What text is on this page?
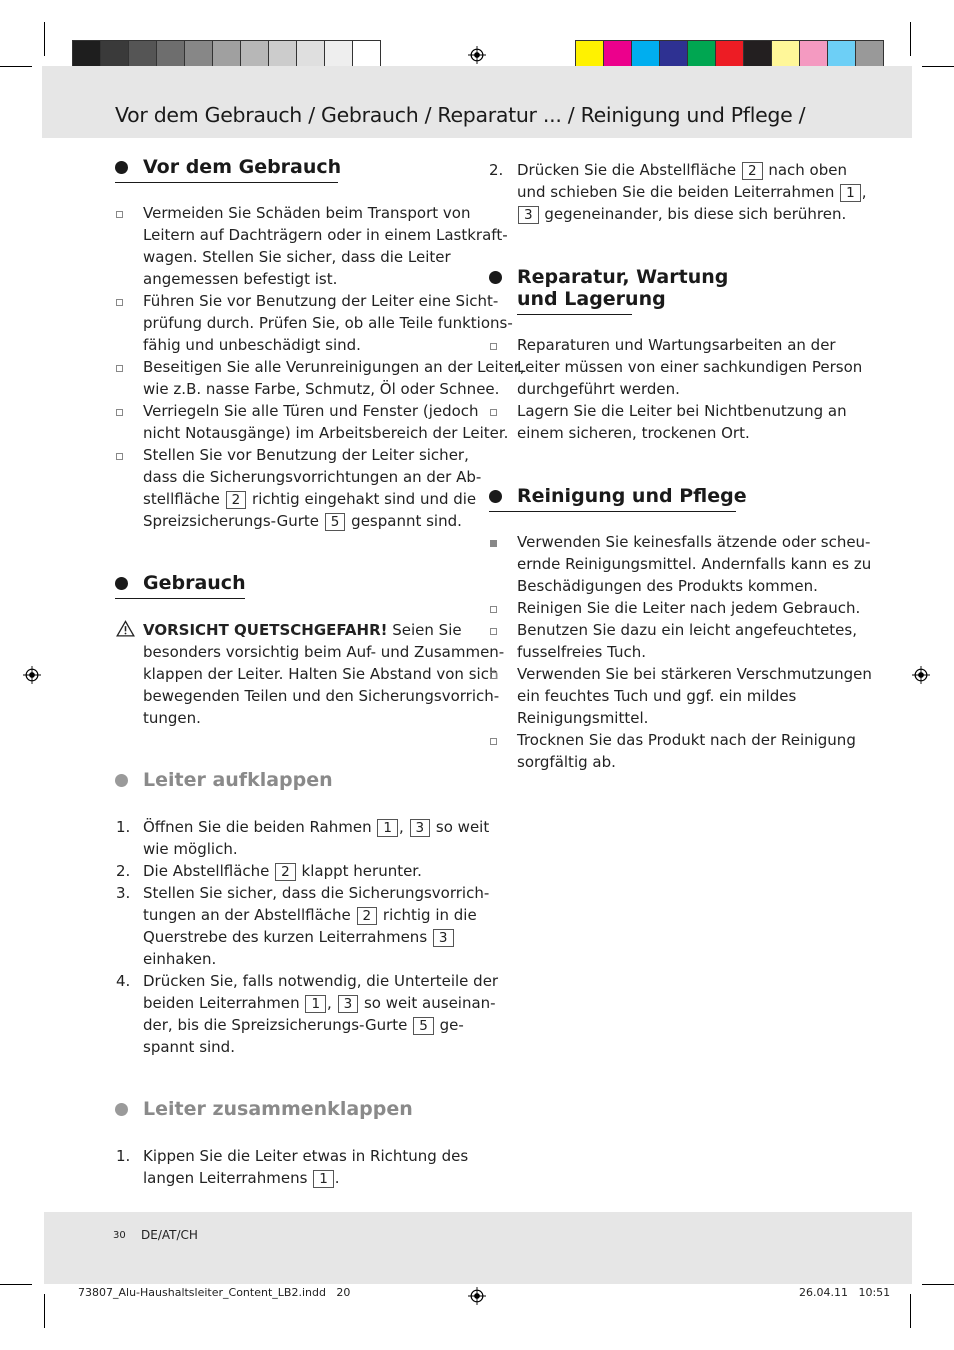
Vor dem Gebrauch / Gebrauch / Reparatur ... / Reinigung und Pflege /
Vor dem Gebrauch
Vermeiden Sie Schäden beim Transport von
Leitern auf Dachträgern oder in einem Lastkraft-
wagen. Stellen Sie sicher, dass die Leiter
angemessen befestigt ist.
Führen Sie vor Benutzung der Leiter eine Sicht-
prüfung durch. Prüfen Sie, ob alle Teile funktions-
fähig und unbeschädigt sind.
Beseitigen Sie alle Verunreinigungen an der Leiter,
wie z.B. nasse Farbe, Schmutz, Öl oder Schnee.
Verriegeln Sie alle Türen und Fenster (jedoch
nicht Notausgänge) im Arbeitsbereich der Leiter.
Stellen Sie vor Benutzung der Leiter sicher,
dass die Sicherungsvorrichtungen an der Ab-
stellfläche 2 richtig eingehakt sind und die
Spreizsicherungs-Gurte 5 gespannt sind.
Gebrauch
VORSICHT QUETSCHGEFAHR! Seien Sie
besonders vorsichtig beim Auf- und Zusammen-
klappen der Leiter. Halten Sie Abstand von sich
bewegenden Teilen und den Sicherungsvorrich-
tungen.
Leiter aufklappen
1. Öffnen Sie die beiden Rahmen 1 , 3 so weit
wie möglich.
2. Die Abstellfläche 2 klappt herunter.
3. Stellen Sie sicher, dass die Sicherungsvorrich-
tungen an der Abstellfläche 2 richtig in die
Querstrebe des kurzen Leiterrahmens 3
einhaken.
4. Drücken Sie, falls notwendig, die Unterteile der
beiden Leiterrahmen 1 , 3 so weit auseinan-
der, bis die Spreizsicherungs-Gurte 5 ge-
spannt sind.
Leiter zusammenklappen
1. Kippen Sie die Leiter etwas in Richtung des
langen Leiterrahmens 1 .
2. Drücken Sie die Abstellfläche 2 nach oben
und schieben Sie die beiden Leiterrahmen 1 ,
3 gegeneinander, bis diese sich berühren.
Reparatur, Wartung
und Lagerung
Reparaturen und Wartungsarbeiten an der
Leiter müssen von einer sachkundigen Person
durchgeführt werden.
Lagern Sie die Leiter bei Nichtbenutzung an
einem sicheren, trockenen Ort.
Reinigung und Pflege
Verwenden Sie keinesfalls ätzende oder scheu-
ernde Reinigungsmittel. Andernfalls kann es zu
Beschädigungen des Produkts kommen.
Reinigen Sie die Leiter nach jedem Gebrauch.
Benutzen Sie dazu ein leicht angefeuchtetes,
fusselfreies Tuch.
Verwenden Sie bei stärkeren Verschmutzungen
ein feuchtes Tuch und ggf. ein mildes
Reinigungsmittel.
Trocknen Sie das Produkt nach der Reinigung
sorgfältig ab.
30 DE/AT/CH
73807_Alu-Haushaltsleiter_Content_LB2.indd   20	26.04.11   10:51
